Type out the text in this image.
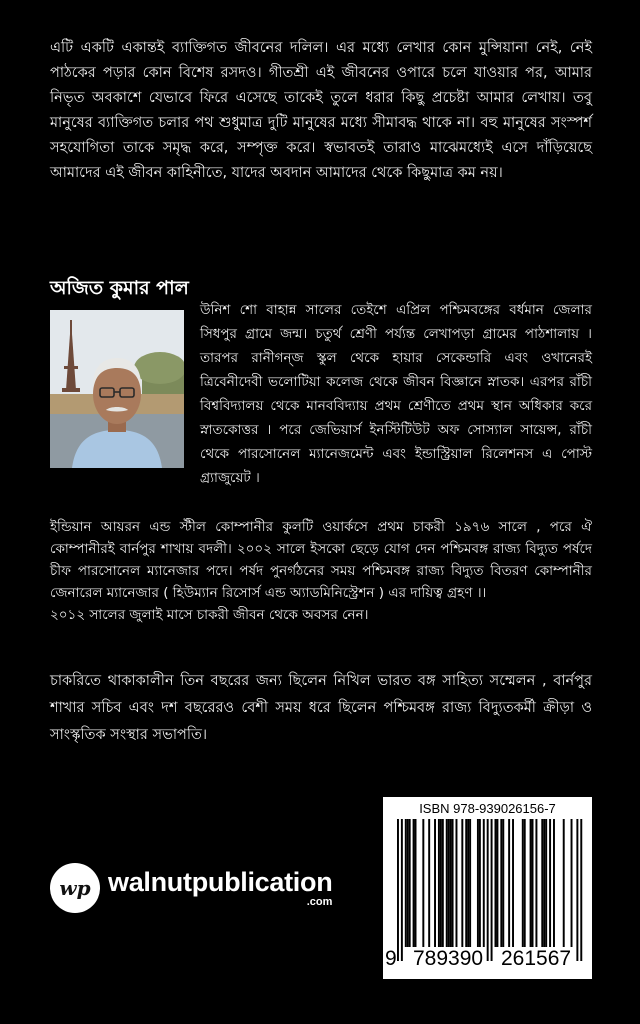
এটি একটি একান্তই ব্যাক্তিগত জীবনের দলিল। এর মধ্যে লেখার কোন মুন্সিয়ানা নেই, নেই পাঠকের পড়ার কোন বিশেষ রসদও। গীতশ্রী এই জীবনের ওপারে চলে যাওয়ার পর, আমার নিভৃত অবকাশে যেভাবে ফিরে এসেছে তাকেই তুলে ধরার কিছু প্রচেষ্টা আমার লেখায়। তবু মানুষের ব্যাক্তিগত চলার পথ শুধুমাত্র দুটি মানুষের মধ্যে সীমাবদ্ধ থাকে না। বহু মানুষের সংস্পর্শ সহযোগিতা তাকে সমৃদ্ধ করে, সম্পৃক্ত করে। স্বভাবতই তারাও মাঝেমধ্যেই এসে দাঁড়িয়েছে আমাদের এই জীবন কাহিনীতে, যাদের অবদান আমাদের থেকে কিছুমাত্র কম নয়।

অজিত কুমার পাল

উনিশ শো বাহান্ন সালের তেইশে এপ্রিল পশ্চিমবঙ্গের বর্ধমান জেলার সিধপুর গ্রামে জন্ম। চতুর্থ শ্রেণী পর্য্যন্ত লেখাপড়া গ্রামের পাঠশালায় । তারপর রানীগন্জ স্কুল থেকে হায়ার সেকেন্ডারি এবং ওখানেরই ত্রিবেনীদেবী ভলোটিয়া কলেজ থেকে জীবন বিজ্ঞানে স্নাতক। এরপর রাঁচী বিশ্ববিদ্যালয় থেকে মানববিদ্যায় প্রথম শ্রেণীতে প্রথম স্থান অধিকার করে স্নাতকোত্তর । পরে জেভিয়ার্স ইনস্টিটিউট অফ সোস্যাল সায়েন্স, রাঁচী থেকে পারসোনেল ম্যানেজমেন্ট এবং ইন্ডাস্ট্রিয়াল রিলেশনস এ পোস্ট গ্র্যাজুয়েট ।

ইন্ডিয়ান আয়রন এন্ড স্টীল কোম্পানীর কুলটি ওয়ার্কসে প্রথম চাকরী ১৯৭৬ সালে , পরে ঐ কোম্পানীরই বার্নপুর শাখায় বদলী। ২০০২ সালে ইসকো ছেড়ে যোগ দেন পশ্চিমবঙ্গ রাজ্য বিদ্যুত পর্ষদে চীফ পারসোনেল ম্যানেজার পদে। পর্ষদ পুনর্গঠনের সময় পশ্চিমবঙ্গ রাজ্য বিদ্যুত বিতরণ কোম্পানীর জেনারেল ম্যানেজার ( হিউম্যান রিসোর্স এন্ড অ্যাডমিনিস্ট্রেশন ) এর দায়িত্ব গ্রহণ ।।
২০১২ সালের জুলাই মাসে চাকরী জীবন থেকে অবসর নেন।

চাকরিতে থাকাকালীন তিন বছরের জন্য ছিলেন নিখিল ভারত বঙ্গ সাহিত্য সম্মেলন , বার্নপুর শাখার সচিব এবং দশ বছরেরও বেশী সময় ধরে ছিলেন পশ্চিমবঙ্গ রাজ্য বিদ্যুতকর্মী ক্রীড়া ও সাংস্কৃতিক সংস্থার সভাপতি।

wp walnutpublication
.com
ISBN 978-939026156-7
9 789390 261567
